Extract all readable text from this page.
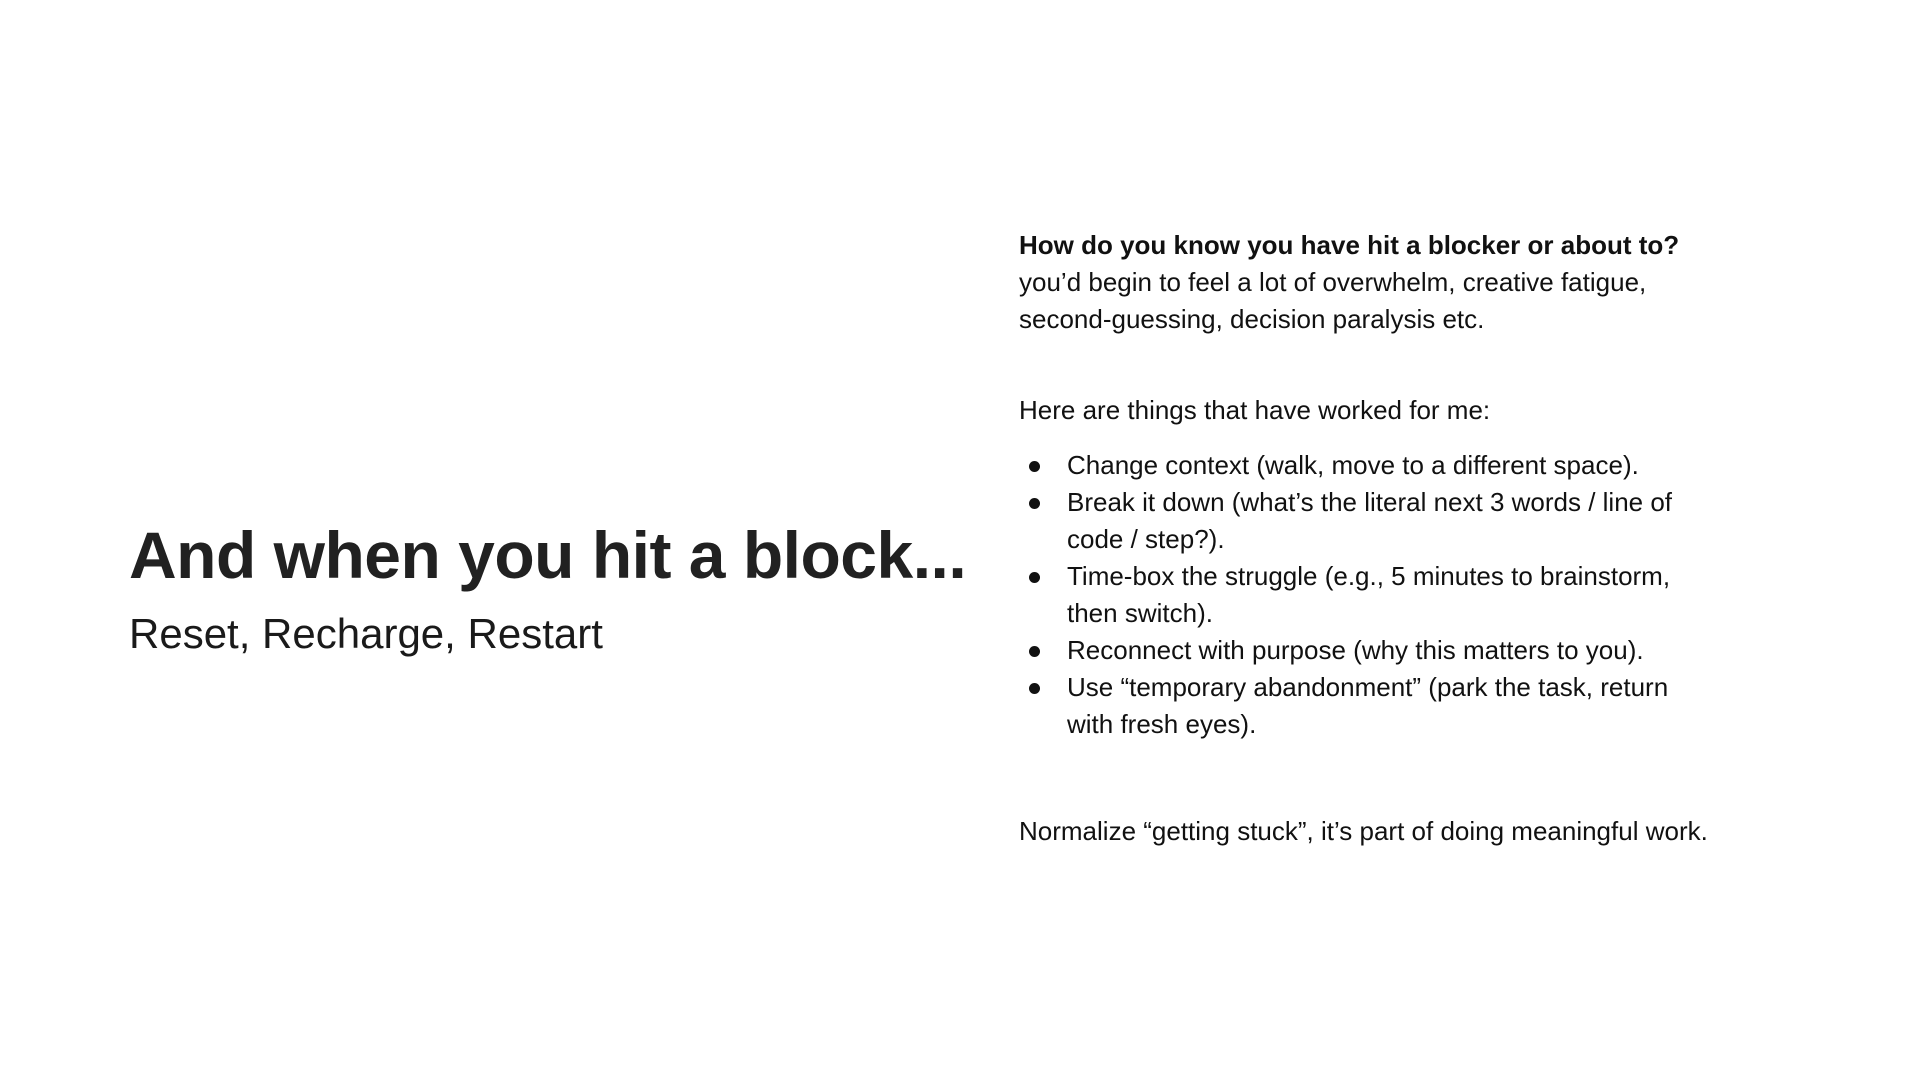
And when you hit a block...
Reset, Recharge, Restart

How do you know you have hit a blocker or about to? you’d begin to feel a lot of overwhelm, creative fatigue, second-guessing, decision paralysis etc.

Here are things that have worked for me:

Change context (walk, move to a different space).
Break it down (what’s the literal next 3 words / line of code / step?).
Time-box the struggle (e.g., 5 minutes to brainstorm, then switch).
Reconnect with purpose (why this matters to you).
Use “temporary abandonment” (park the task, return with fresh eyes).

Normalize “getting stuck”, it’s part of doing meaningful work.
